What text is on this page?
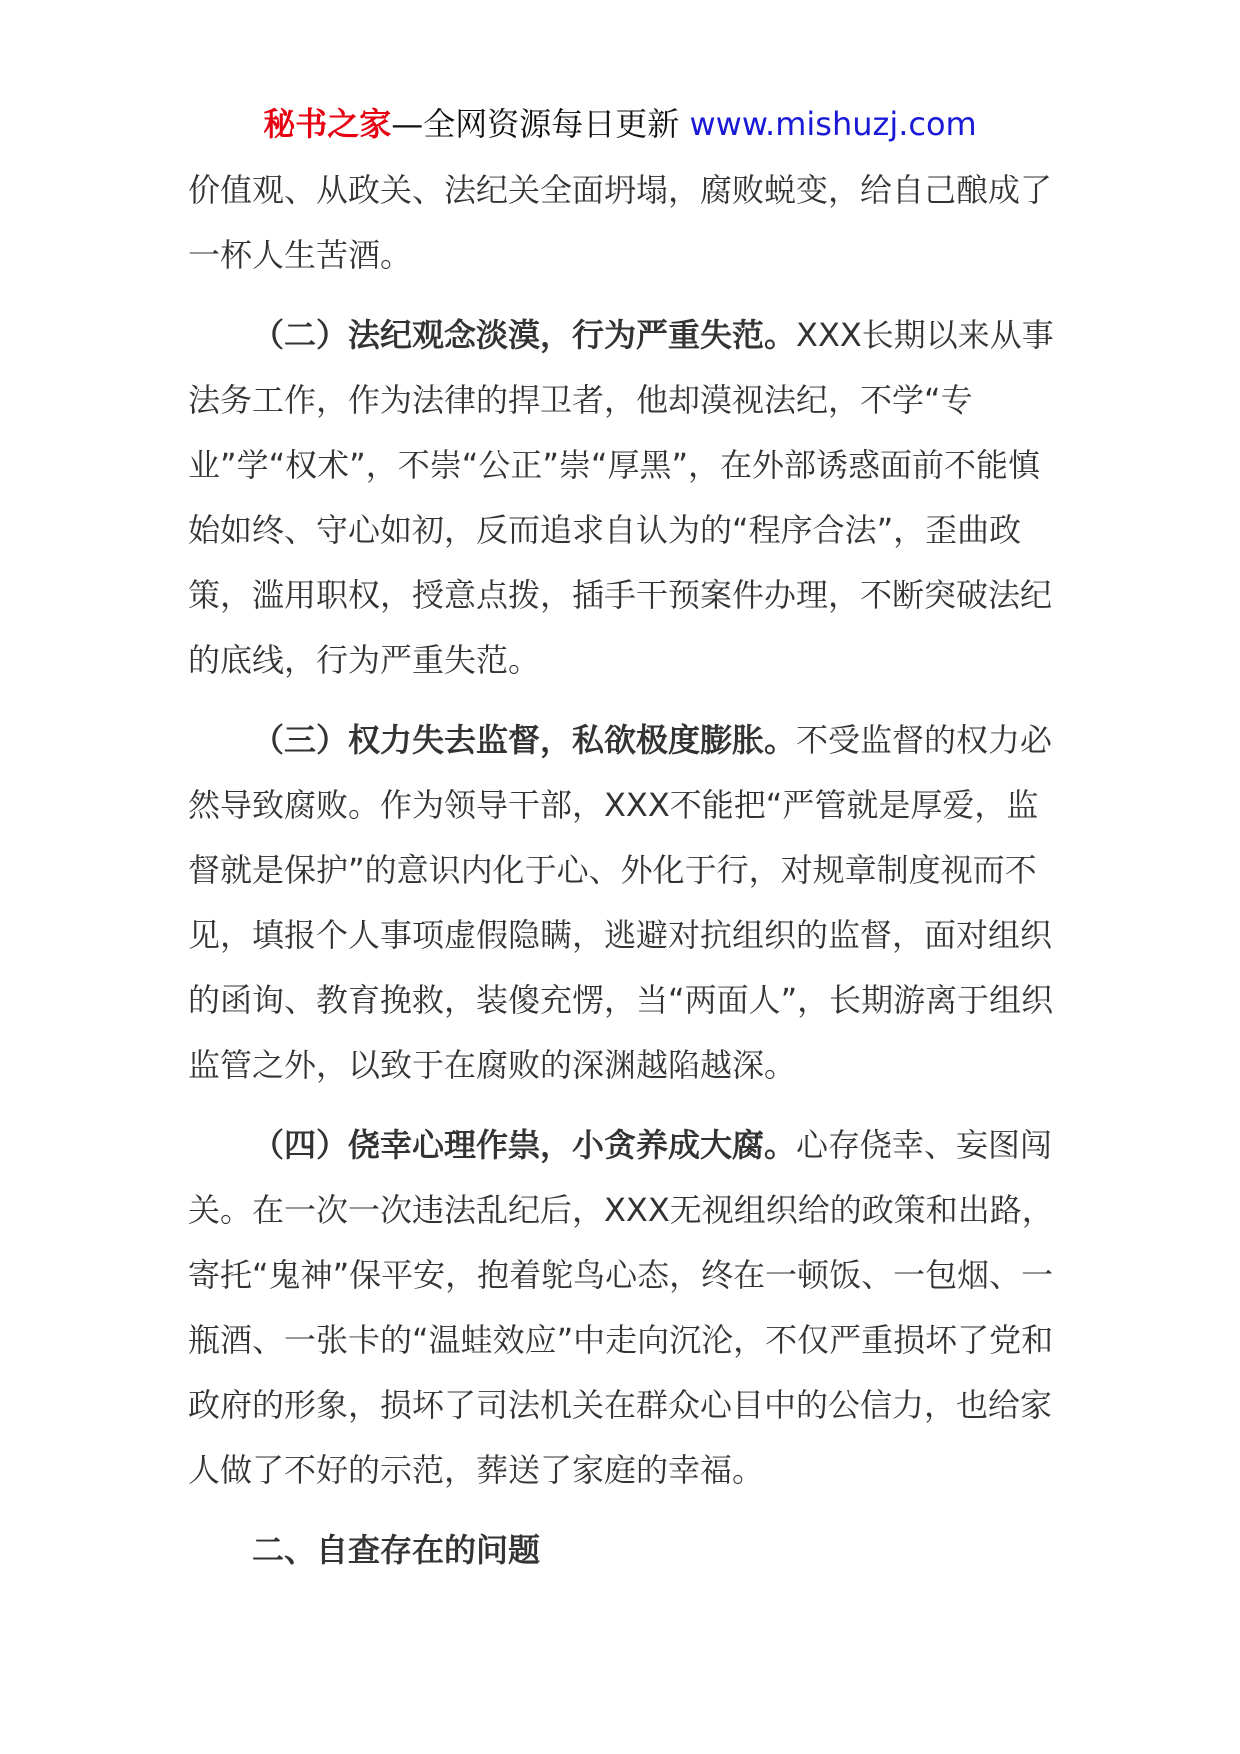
秘书之家—全网资源每日更新 www.mishuzj.com

价值观、从政关、法纪关全面坍塌，腐败蜕变，给自己酿成了一杯人生苦酒。

（二）法纪观念淡漠，行为严重失范。XXX长期以来从事法务工作，作为法律的捍卫者，他却漠视法纪，不学“专业”学“权术”，不崇“公正”崇“厚黑”，在外部诱惑面前不能慎始如终、守心如初，反而追求自认为的“程序合法”，歪曲政策，滥用职权，授意点拨，插手干预案件办理，不断突破法纪的底线，行为严重失范。

（三）权力失去监督，私欲极度膨胀。不受监督的权力必然导致腐败。作为领导干部，XXX不能把“严管就是厚爱，监督就是保护”的意识内化于心、外化于行，对规章制度视而不见，填报个人事项虚假隐瞒，逃避对抗组织的监督，面对组织的函询、教育挽救，装傻充愣，当“两面人”，长期游离于组织监管之外，以致于在腐败的深渊越陷越深。

（四）侥幸心理作祟，小贪养成大腐。心存侥幸、妄图闯关。在一次一次违法乱纪后，XXX无视组织给的政策和出路，寄托“鬼神”保平安，抱着鸵鸟心态，终在一顿饭、一包烟、一瓶酒、一张卡的“温蛙效应”中走向沉沦，不仅严重损坏了党和政府的形象，损坏了司法机关在群众心目中的公信力，也给家人做了不好的示范，葬送了家庭的幸福。

二、自查存在的问题
